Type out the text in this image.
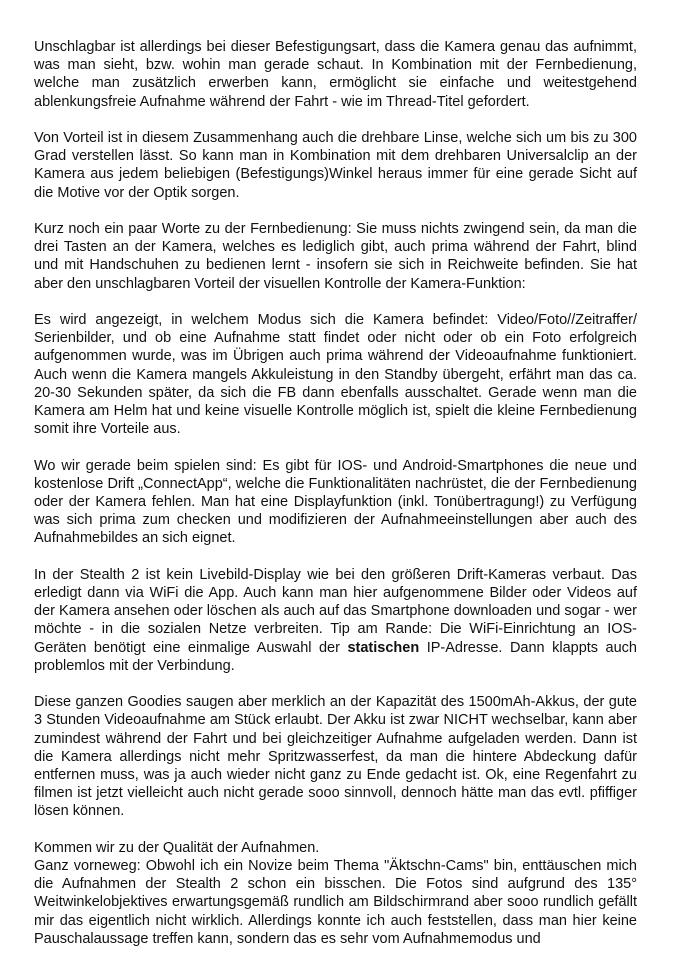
Unschlagbar ist allerdings bei dieser Befestigungsart, dass die Kamera genau das aufnimmt, was man sieht, bzw. wohin man gerade schaut. In Kombination mit der Fernbedienung, welche man zusätzlich erwerben kann, ermöglicht sie einfache und weitestgehend ablenkungsfreie Aufnahme während der Fahrt - wie im Thread-Titel gefordert.

Von Vorteil ist in diesem Zusammenhang auch die drehbare Linse, welche sich um bis zu 300 Grad verstellen lässt. So kann man in Kombination mit dem drehbaren Universalclip an der Kamera aus jedem beliebigen (Befestigungs)Winkel heraus immer für eine gerade Sicht auf die Motive vor der Optik sorgen.

Kurz noch ein paar Worte zu der Fernbedienung: Sie muss nichts zwingend sein, da man die drei Tasten an der Kamera, welches es lediglich gibt, auch prima während der Fahrt, blind und mit Handschuhen zu bedienen lernt - insofern sie sich in Reichweite befinden. Sie hat aber den unschlagbaren Vorteil der visuellen Kontrolle der Kamera-Funktion:

Es wird angezeigt, in welchem Modus sich die Kamera befindet: Video/Foto//Zeitraffer/ Serienbilder, und ob eine Aufnahme statt findet oder nicht oder ob ein Foto erfolgreich aufgenommen wurde, was im Übrigen auch prima während der Videoaufnahme funktioniert. Auch wenn die Kamera mangels Akkuleistung in den Standby übergeht, erfährt man das ca. 20-30 Sekunden später, da sich die FB dann ebenfalls ausschaltet. Gerade wenn man die Kamera am Helm hat und keine visuelle Kontrolle möglich ist, spielt die kleine Fernbedienung somit ihre Vorteile aus.

Wo wir gerade beim spielen sind: Es gibt für IOS- und Android-Smartphones die neue und kostenlose Drift „ConnectApp“, welche die Funktionalitäten nachrüstet, die der Fernbedienung oder der Kamera fehlen. Man hat eine Displayfunktion (inkl. Tonübertragung!) zu Verfügung was sich prima zum checken und modifizieren der Aufnahmeeinstellungen aber auch des Aufnahmebildes an sich eignet.

In der Stealth 2 ist kein Livebild-Display wie bei den größeren Drift-Kameras verbaut. Das erledigt dann via WiFi die App. Auch kann man hier aufgenommene Bilder oder Videos auf der Kamera ansehen oder löschen als auch auf das Smartphone downloaden und sogar - wer möchte - in die sozialen Netze verbreiten. Tip am Rande: Die WiFi-Einrichtung an IOS-Geräten benötigt eine einmalige Auswahl der statischen IP-Adresse. Dann klappts auch problemlos mit der Verbindung.

Diese ganzen Goodies saugen aber merklich an der Kapazität des 1500mAh-Akkus, der gute 3 Stunden Videoaufnahme am Stück erlaubt. Der Akku ist zwar NICHT wechselbar, kann aber zumindest während der Fahrt und bei gleichzeitiger Aufnahme aufgeladen werden. Dann ist die Kamera allerdings nicht mehr Spritzwasserfest, da man die hintere Abdeckung dafür entfernen muss, was ja auch wieder nicht ganz zu Ende gedacht ist. Ok, eine Regenfahrt zu filmen ist jetzt vielleicht auch nicht gerade sooo sinnvoll, dennoch hätte man das evtl. pfiffiger lösen können.

Kommen wir zu der Qualität der Aufnahmen.

Ganz vorneweg: Obwohl ich ein Novize beim Thema "Äktschn-Cams" bin, enttäuschen mich die Aufnahmen der Stealth 2 schon ein bisschen. Die Fotos sind aufgrund des 135° Weitwinkelobjektives erwartungsgemäß rundlich am Bildschirmrand aber sooo rundlich gefällt mir das eigentlich nicht wirklich. Allerdings konnte ich auch feststellen, dass man hier keine Pauschalaussage treffen kann, sondern das es sehr vom Aufnahmemodus und
